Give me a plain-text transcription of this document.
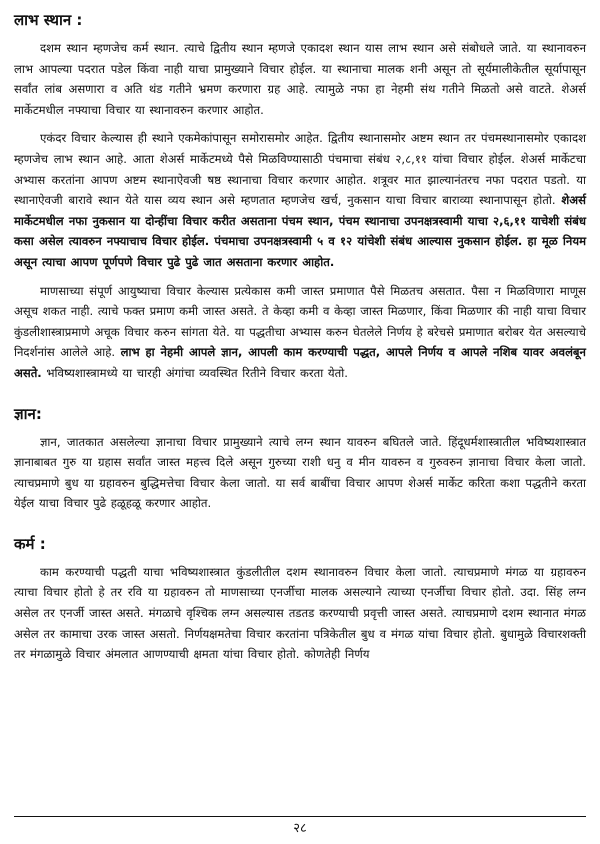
लाभ स्थान :

दशम स्थान म्हणजेच कर्म स्थान. त्याचे द्वितीय स्थान म्हणजे एकादश स्थान यास लाभ स्थान असे संबोधले जाते. या स्थानावरुन लाभ आपल्या पदरात पडेल किंवा नाही याचा प्रामुख्याने विचार होईल. या स्थानाचा मालक शनी असून तो सूर्यमालीकेतील सूर्यापासून सर्वांत लांब असणारा व अति थंड गतीने भ्रमण करणारा ग्रह आहे. त्यामुळे नफा हा नेहमी संथ गतीने मिळतो असे वाटते. शेअर्स मार्केटमधील नफ्याचा विचार या स्थानावरुन करणार आहोत.

एकंदर विचार केल्यास ही स्थाने एकमेकांपासून समोरासमोर आहेत. द्वितीय स्थानासमोर अष्टम स्थान तर पंचमस्थानासमोर एकादश म्हणजेच लाभ स्थान आहे. आता शेअर्स मार्केटमध्ये पैसे मिळविण्यासाठी पंचमाचा संबंध २,८,११ यांचा विचार होईल. शेअर्स मार्केटचा अभ्यास करतांना आपण अष्टम स्थानाऐवजी षष्ठ स्थानाचा विचार करणार आहोत. शत्रूवर मात झाल्यानंतरच नफा पदरात पडतो. या स्थानाऐवजी बारावे स्थान येते यास व्यय स्थान असे म्हणतात म्हणजेच खर्च, नुकसान याचा विचार बाराव्या स्थानापासून होतो. शेअर्स मार्केटमधील नफा नुकसान या दोन्हींचा विचार करीत असताना पंचम स्थान, पंचम स्थानाचा उपनक्षत्रस्वामी याचा २,६,११ याचेशी संबंध कसा असेल त्यावरुन नफ्याचाच विचार होईल. पंचमाचा उपनक्षत्रस्वामी ५ व १२ यांचेशी संबंध आल्यास नुकसान होईल. हा मूळ नियम असून त्याचा आपण पूर्णपणे विचार पुढे पुढे जात असताना करणार आहोत.

माणसाच्या संपूर्ण आयुष्याचा विचार केल्यास प्रत्येकास कमी जास्त प्रमाणात पैसे मिळतच असतात. पैसा न मिळविणारा माणूस असूच शकत नाही. त्याचे फक्त प्रमाण कमी जास्त असते. ते केव्हा कमी व केव्हा जास्त मिळणार, किंवा मिळणार की नाही याचा विचार कुंडलीशास्त्राप्रमाणे अचूक विचार करुन सांगता येते. या पद्धतीचा अभ्यास करुन घेतलेले निर्णय हे बरेचसे प्रमाणात बरोबर येत असल्याचे निदर्शनांस आलेले आहे. लाभ हा नेहमी आपले ज्ञान, आपली काम करण्याची पद्धत, आपले निर्णय व आपले नशिब यावर अवलंबून असते. भविष्यशास्त्रामध्ये या चारही अंगांचा व्यवस्थित रितीने विचार करता येतो.

ज्ञान:

ज्ञान, जातकात असलेल्या ज्ञानाचा विचार प्रामुख्याने त्याचे लग्न स्थान यावरुन बघितले जाते. हिंदूधर्मशास्त्रातील भविष्यशास्त्रात ज्ञानाबाबत गुरु या ग्रहास सर्वांत जास्त महत्त्व दिले असून गुरुच्या राशी धनु व मीन यावरुन व गुरुवरुन ज्ञानाचा विचार केला जातो. त्याचप्रमाणे बुध या ग्रहावरुन बुद्धिमत्तेचा विचार केला जातो. या सर्व बाबींचा विचार आपण शेअर्स मार्केट करिता कशा पद्धतीने करता येईल याचा विचार पुढे हळूहळू करणार आहोत.

कर्म :

काम करण्याची पद्धती याचा भविष्यशास्त्रात कुंडलीतील दशम स्थानावरुन विचार केला जातो. त्याचप्रमाणे मंगळ या ग्रहावरुन त्याचा विचार होतो हे तर रवि या ग्रहावरुन तो माणसाच्या एनर्जीचा मालक असल्याने त्याच्या एनर्जीचा विचार होतो. उदा. सिंह लग्न असेल तर एनर्जी जास्त असते. मंगळाचे वृश्चिक लग्न असल्यास तडतड करण्याची प्रवृत्ती जास्त असते. त्याचप्रमाणे दशम स्थानात मंगळ असेल तर कामाचा उरक जास्त असतो. निर्णयक्षमतेचा विचार करतांना पत्रिकेतील बुध व मंगळ यांचा विचार होतो. बुधामुळे विचारशक्ती तर मंगळामुळे विचार अंमलात आणण्याची क्षमता यांचा विचार होतो. कोणतेही निर्णय

२८
